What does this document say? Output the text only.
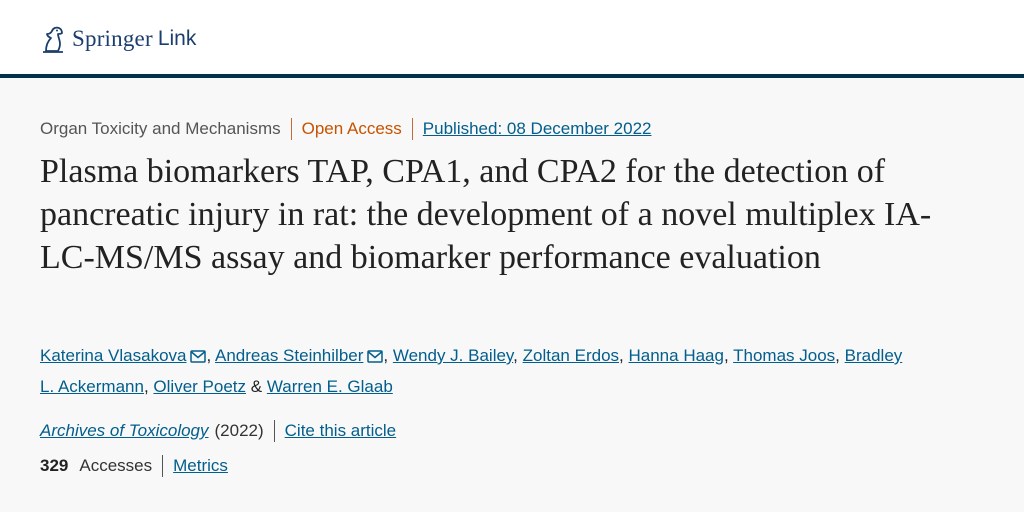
Springer Link
Organ Toxicity and Mechanisms Open Access Published: 08 December 2022
Plasma biomarkers TAP, CPA1, and CPA2 for the detection of pancreatic injury in rat: the development of a novel multiplex IA-LC-MS/MS assay and biomarker performance evaluation
Katerina Vlasakova , Andreas Steinhilber , Wendy J. Bailey, Zoltan Erdos, Hanna Haag, Thomas Joos, Bradley L. Ackermann, Oliver Poetz & Warren E. Glaab
Archives of Toxicology (2022) Cite this article
329 Accesses Metrics
